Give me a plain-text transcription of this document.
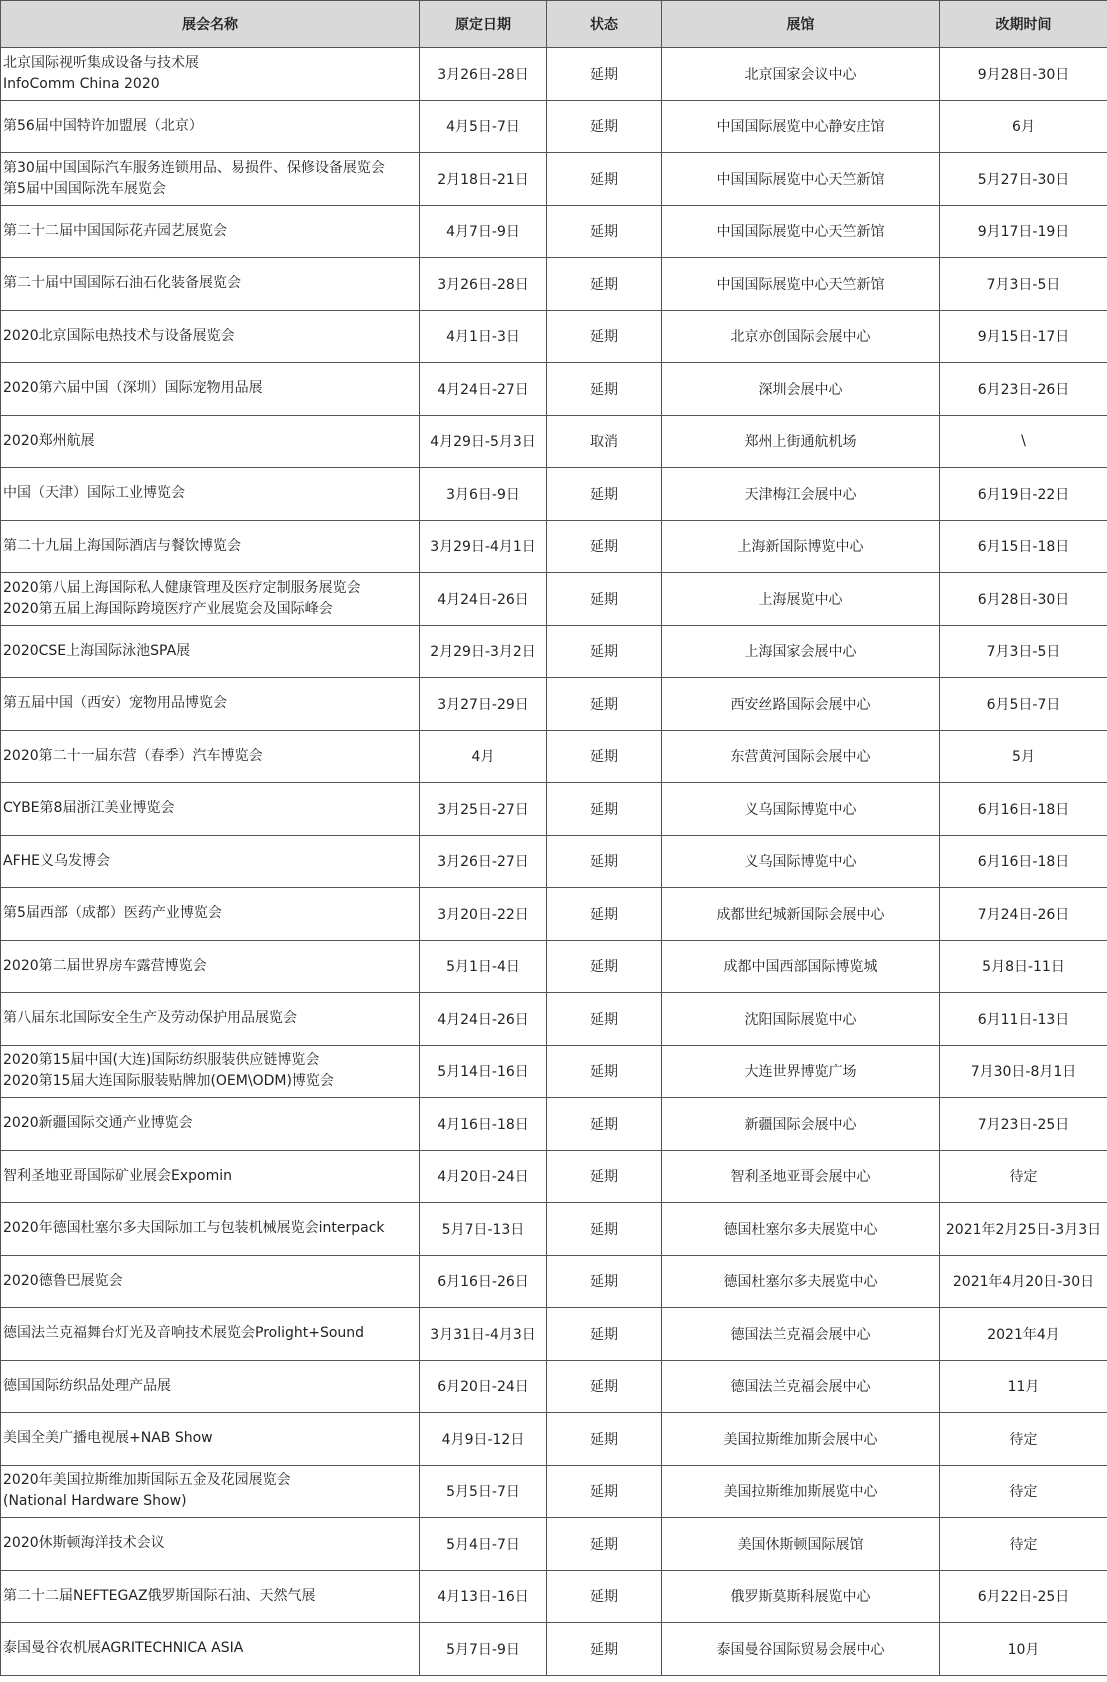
展会名称	原定日期	状态	展馆	改期时间

北京国际视听集成设备与技术展
InfoComm China 2020	3月26日-28日	延期	北京国家会议中心	9月28日-30日

第56届中国特许加盟展（北京）	4月5日-7日	延期	中国国际展览中心静安庄馆	6月

第30届中国国际汽车服务连锁用品、易损件、保修设备展览会
第5届中国国际洗车展览会	2月18日-21日	延期	中国国际展览中心天竺新馆	5月27日-30日

第二十二届中国国际花卉园艺展览会	4月7日-9日	延期	中国国际展览中心天竺新馆	9月17日-19日

第二十届中国国际石油石化装备展览会	3月26日-28日	延期	中国国际展览中心天竺新馆	7月3日-5日

2020北京国际电热技术与设备展览会	4月1日-3日	延期	北京亦创国际会展中心	9月15日-17日

2020第六届中国（深圳）国际宠物用品展	4月24日-27日	延期	深圳会展中心	6月23日-26日

2020郑州航展	4月29日-5月3日	取消	郑州上街通航机场	\

中国（天津）国际工业博览会	3月6日-9日	延期	天津梅江会展中心	6月19日-22日

第二十九届上海国际酒店与餐饮博览会	3月29日-4月1日	延期	上海新国际博览中心	6月15日-18日

2020第八届上海国际私人健康管理及医疗定制服务展览会
2020第五届上海国际跨境医疗产业展览会及国际峰会	4月24日-26日	延期	上海展览中心	6月28日-30日

2020CSE上海国际泳池SPA展	2月29日-3月2日	延期	上海国家会展中心	7月3日-5日

第五届中国（西安）宠物用品博览会	3月27日-29日	延期	西安丝路国际会展中心	6月5日-7日

2020第二十一届东营（春季）汽车博览会	4月	延期	东营黄河国际会展中心	5月

CYBE第8届浙江美业博览会	3月25日-27日	延期	义乌国际博览中心	6月16日-18日

AFHE义乌发博会	3月26日-27日	延期	义乌国际博览中心	6月16日-18日

第5届西部（成都）医药产业博览会	3月20日-22日	延期	成都世纪城新国际会展中心	7月24日-26日

2020第二届世界房车露营博览会	5月1日-4日	延期	成都中国西部国际博览城	5月8日-11日

第八届东北国际安全生产及劳动保护用品展览会	4月24日-26日	延期	沈阳国际展览中心	6月11日-13日

2020第15届中国(大连)国际纺织服装供应链博览会
2020第15届大连国际服装贴牌加(OEM\ODM)博览会	5月14日-16日	延期	大连世界博览广场	7月30日-8月1日

2020新疆国际交通产业博览会	4月16日-18日	延期	新疆国际会展中心	7月23日-25日

智利圣地亚哥国际矿业展会Expomin	4月20日-24日	延期	智利圣地亚哥会展中心	待定

2020年德国杜塞尔多夫国际加工与包装机械展览会interpack	5月7日-13日	延期	德国杜塞尔多夫展览中心	2021年2月25日-3月3日

2020德鲁巴展览会	6月16日-26日	延期	德国杜塞尔多夫展览中心	2021年4月20日-30日

德国法兰克福舞台灯光及音响技术展览会Prolight+Sound	3月31日-4月3日	延期	德国法兰克福会展中心	2021年4月

德国国际纺织品处理产品展	6月20日-24日	延期	德国法兰克福会展中心	11月

美国全美广播电视展+NAB Show	4月9日-12日	延期	美国拉斯维加斯会展中心	待定

2020年美国拉斯维加斯国际五金及花园展览会
(National Hardware Show)	5月5日-7日	延期	美国拉斯维加斯展览中心	待定

2020休斯顿海洋技术会议	5月4日-7日	延期	美国休斯顿国际展馆	待定

第二十二届NEFTEGAZ俄罗斯国际石油、天然气展	4月13日-16日	延期	俄罗斯莫斯科展览中心	6月22日-25日

泰国曼谷农机展AGRITECHNICA ASIA	5月7日-9日	延期	泰国曼谷国际贸易会展中心	10月
